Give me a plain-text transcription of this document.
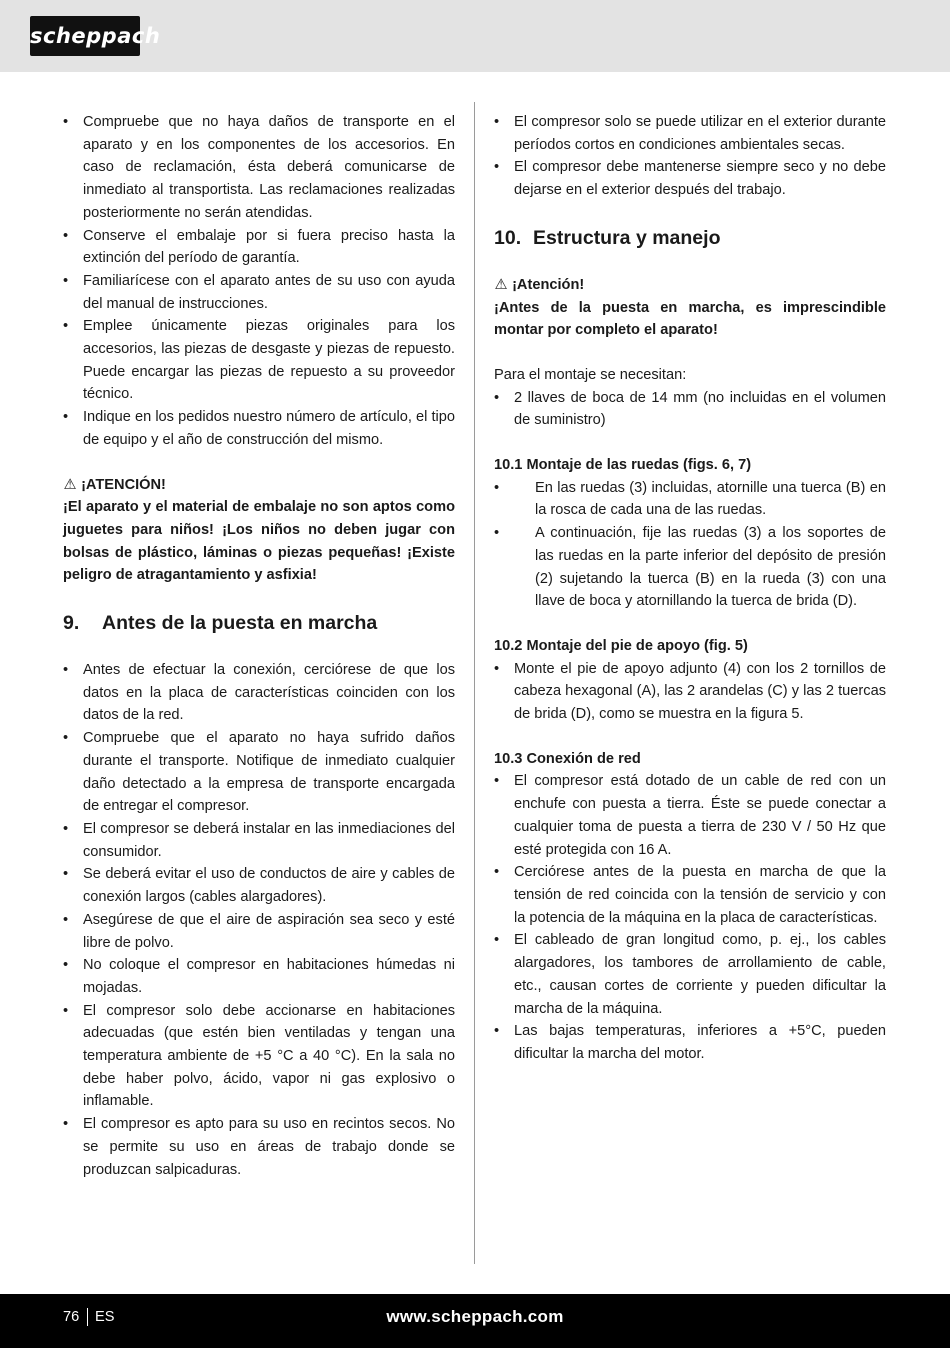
scheppach
• Compruebe que no haya daños de transporte en el aparato y en los componentes de los accesorios. En caso de reclamación, ésta deberá comunicarse de inmediato al transportista. Las reclamaciones realizadas posteriormente no serán atendidas.
• Conserve el embalaje por si fuera preciso hasta la extinción del período de garantía.
• Familiarícese con el aparato antes de su uso con ayuda del manual de instrucciones.
• Emplee únicamente piezas originales para los accesorios, las piezas de desgaste y piezas de repuesto. Puede encargar las piezas de repuesto a su proveedor técnico.
• Indique en los pedidos nuestro número de artículo, el tipo de equipo y el año de construcción del mismo.
⚠ ¡ATENCIÓN!
¡El aparato y el material de embalaje no son aptos como juguetes para niños! ¡Los niños no deben jugar con bolsas de plástico, láminas o piezas pequeñas! ¡Existe peligro de atragantamiento y asfixia!
9. Antes de la puesta en marcha
• Antes de efectuar la conexión, cerciórese de que los datos en la placa de características coinciden con los datos de la red.
• Compruebe que el aparato no haya sufrido daños durante el transporte. Notifique de inmediato cualquier daño detectado a la empresa de transporte encargada de entregar el compresor.
• El compresor se deberá instalar en las inmediaciones del consumidor.
• Se deberá evitar el uso de conductos de aire y cables de conexión largos (cables alargadores).
• Asegúrese de que el aire de aspiración sea seco y esté libre de polvo.
• No coloque el compresor en habitaciones húmedas ni mojadas.
• El compresor solo debe accionarse en habitaciones adecuadas (que estén bien ventiladas y tengan una temperatura ambiente de +5 °C a 40 °C). En la sala no debe haber polvo, ácido, vapor ni gas explosivo o inflamable.
• El compresor es apto para su uso en recintos secos. No se permite su uso en áreas de trabajo donde se produzcan salpicaduras.
• El compresor solo se puede utilizar en el exterior durante períodos cortos en condiciones ambientales secas.
• El compresor debe mantenerse siempre seco y no debe dejarse en el exterior después del trabajo.
10. Estructura y manejo
⚠ ¡Atención!
¡Antes de la puesta en marcha, es imprescindible montar por completo el aparato!
Para el montaje se necesitan:
• 2 llaves de boca de 14 mm (no incluidas en el volumen de suministro)
10.1 Montaje de las ruedas (figs. 6, 7)
• En las ruedas (3) incluidas, atornille una tuerca (B) en la rosca de cada una de las ruedas.
• A continuación, fije las ruedas (3) a los soportes de las ruedas en la parte inferior del depósito de presión (2) sujetando la tuerca (B) en la rueda (3) con una llave de boca y atornillando la tuerca de brida (D).
10.2 Montaje del pie de apoyo (fig. 5)
• Monte el pie de apoyo adjunto (4) con los 2 tornillos de cabeza hexagonal (A), las 2 arandelas (C) y las 2 tuercas de brida (D), como se muestra en la figura 5.
10.3 Conexión de red
• El compresor está dotado de un cable de red con un enchufe con puesta a tierra. Éste se puede conectar a cualquier toma de puesta a tierra de 230 V / 50 Hz que esté protegida con 16 A.
• Cerciórese antes de la puesta en marcha de que la tensión de red coincida con la tensión de servicio y con la potencia de la máquina en la placa de características.
• El cableado de gran longitud como, p. ej., los cables alargadores, los tambores de arrollamiento de cable, etc., causan cortes de corriente y pueden dificultar la marcha de la máquina.
• Las bajas temperaturas, inferiores a +5°C, pueden dificultar la marcha del motor.
76 ES	www.scheppach.com
